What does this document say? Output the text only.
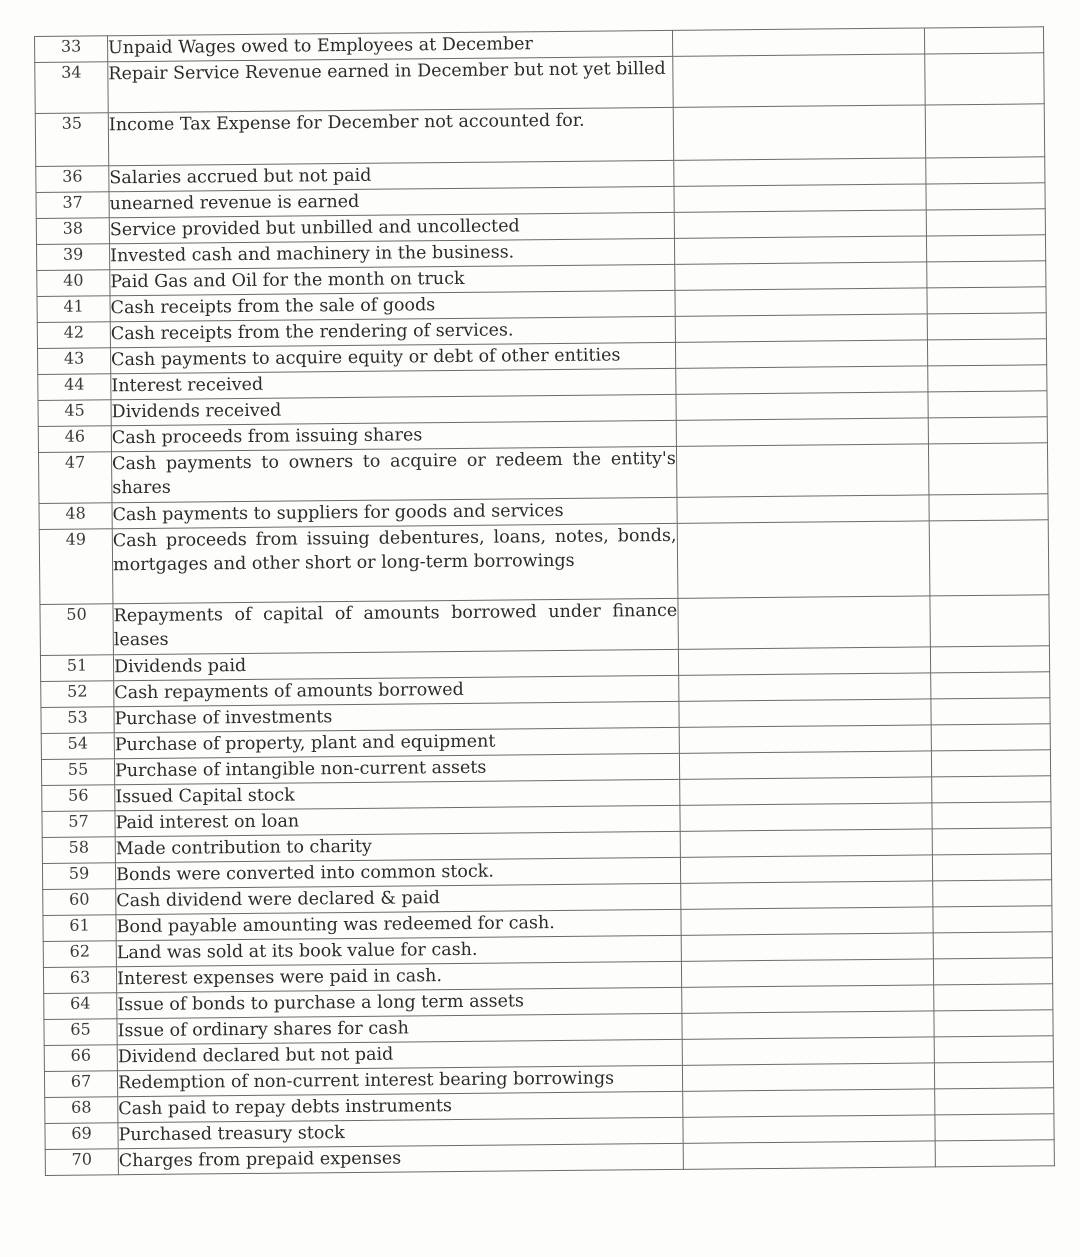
33	Unpaid Wages owed to Employees at December		
34	Repair Service Revenue earned in December but not yet billed		
35	Income Tax Expense for December not accounted for.		
36	Salaries accrued but not paid		
37	unearned revenue is earned		
38	Service provided but unbilled and uncollected		
39	Invested cash and machinery in the business.		
40	Paid Gas and Oil for the month on truck		
41	Cash receipts from the sale of goods		
42	Cash receipts from the rendering of services.		
43	Cash payments to acquire equity or debt of other entities		
44	Interest received		
45	Dividends received		
46	Cash proceeds from issuing shares		
47	Cash payments to owners to acquire or redeem the entity's shares		
48	Cash payments to suppliers for goods and services		
49	Cash proceeds from issuing debentures, loans, notes, bonds, mortgages and other short or long-term borrowings		
50	Repayments of capital of amounts borrowed under finance leases		
51	Dividends paid		
52	Cash repayments of amounts borrowed		
53	Purchase of investments		
54	Purchase of property, plant and equipment		
55	Purchase of intangible non-current assets		
56	Issued Capital stock		
57	Paid interest on loan		
58	Made contribution to charity		
59	Bonds were converted into common stock.		
60	Cash dividend were declared & paid		
61	Bond payable amounting was redeemed for cash.		
62	Land was sold at its book value for cash.		
63	Interest expenses were paid in cash.		
64	Issue of bonds to purchase a long term assets		
65	Issue of ordinary shares for cash		
66	Dividend declared but not paid		
67	Redemption of non-current interest bearing borrowings		
68	Cash paid to repay debts instruments		
69	Purchased treasury stock		
70	Charges from prepaid expenses		
